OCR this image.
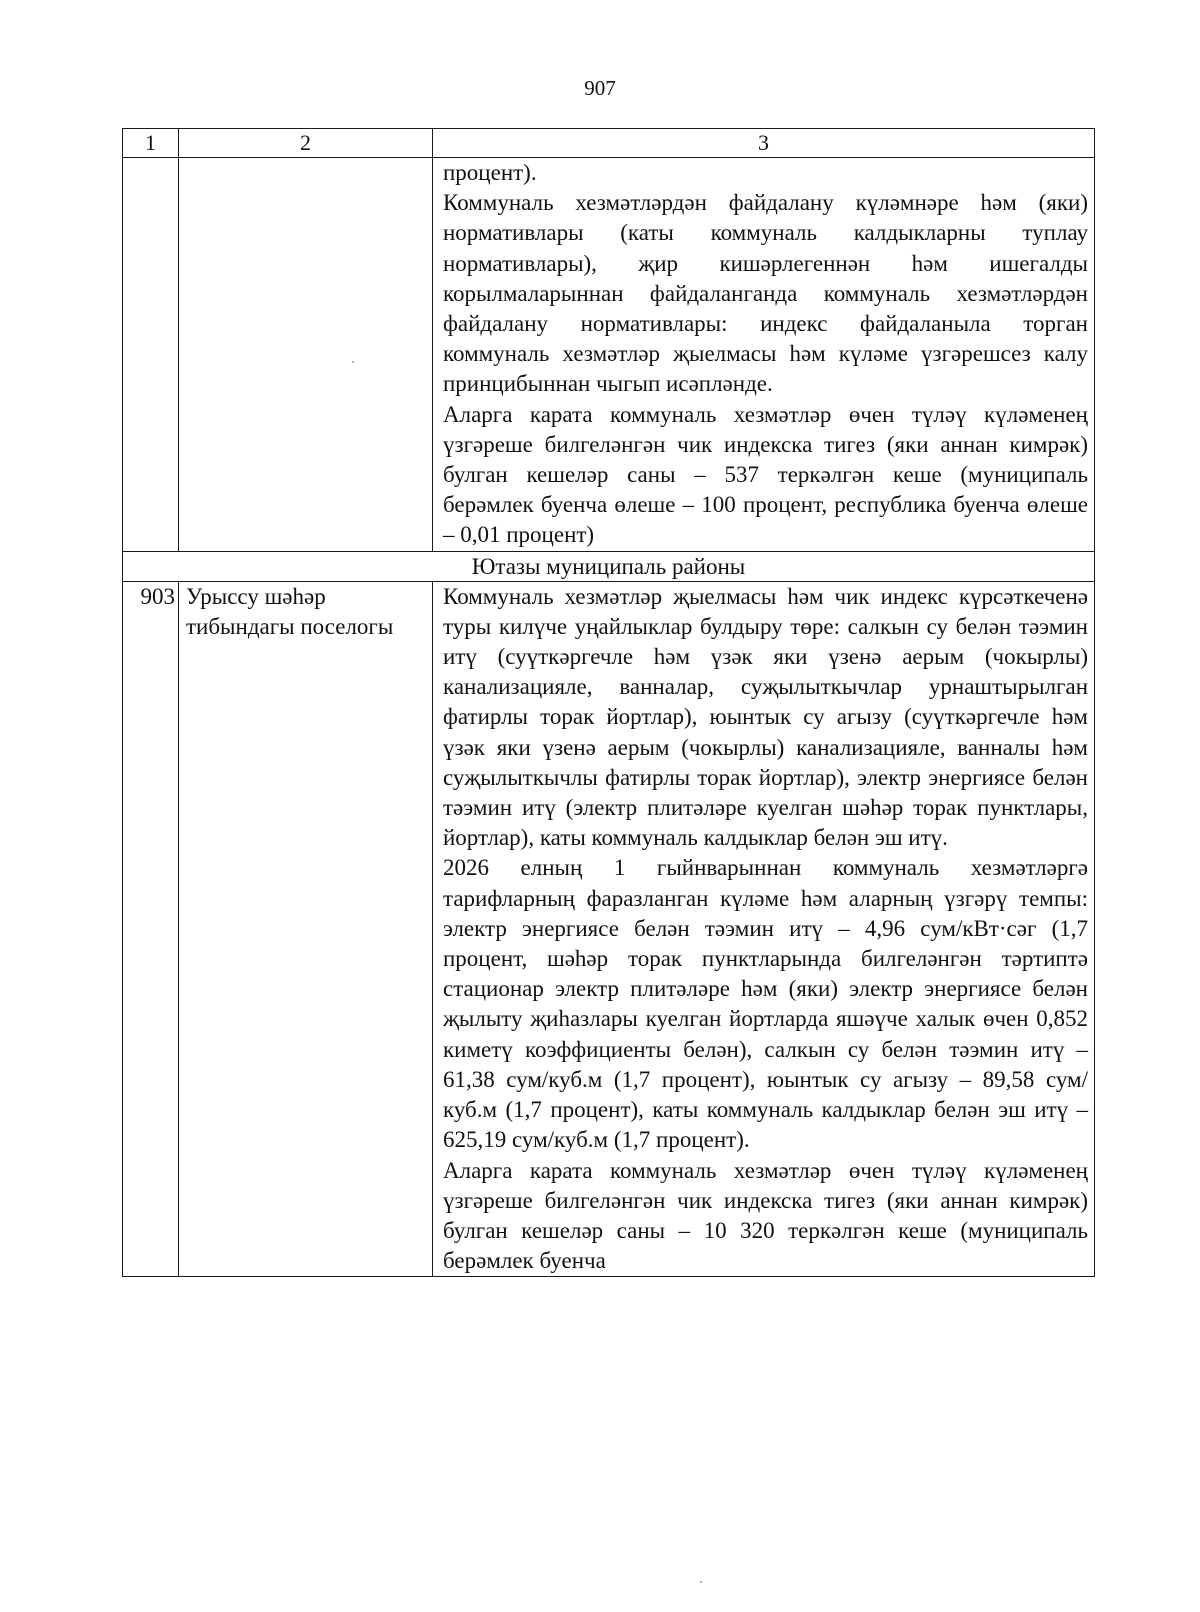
907
1	2	3

		процент).

Коммуналь хезмәтләрдән файдалану күләмнәре һәм (яки) нормативлары (каты коммуналь калдыкларны туплау нормативлары), җир кишәрлегеннән һәм ишегалды корылмаларыннан файдаланганда коммуналь хезмәтләрдән файдалану нормативлары: индекс файдаланыла торган коммуналь хезмәтләр җыелмасы һәм күләме үзгәрешсез калу принцибыннан чыгып исәпләнде.

Аларга карата коммуналь хезмәтләр өчен түләү күләменең үзгәреше билгеләнгән чик индекска тигез (яки аннан кимрәк) булган кешеләр саны – 537 теркәлгән кеше (муниципаль берәмлек буенча өлеше – 100 процент, республика буенча өлеше – 0,01 процент)

Ютазы муниципаль районы		
903	Урыссу шәһәр тибындагы поселогы	Коммуналь хезмәтләр җыелмасы һәм чик индекс күрсәткеченә туры килүче уңайлыклар булдыру төре: салкын су белән тәэмин итү (суүткәргечле һәм үзәк яки үзенә аерым (чокырлы) канализацияле, ванналар, суҗылыткычлар урнаштырылган фатирлы торак йортлар), юынтык су агызу (суүткәргечле һәм үзәк яки үзенә аерым (чокырлы) канализацияле, ванналы һәм суҗылыткычлы фатирлы торак йортлар), электр энергиясе белән тәэмин итү (электр плитәләре куелган шәһәр торак пунктлары, йортлар), каты коммуналь калдыклар белән эш итү.

2026 елның 1 гыйнварыннан коммуналь хезмәтләргә тарифларның фаразланган күләме һәм аларның үзгәрү темпы: электр энергиясе белән тәэмин итү – 4,96 сум/кВт·сәг (1,7 процент, шәһәр торак пунктларында билгеләнгән тәртиптә стационар электр плитәләре һәм (яки) электр энергиясе белән җылыту җиһазлары куелган йортларда яшәүче халык өчен 0,852 киметү коэффициенты белән), салкын су белән тәэмин итү – 61,38 сум/куб.м (1,7 процент), юынтык су агызу – 89,58 сум/куб.м (1,7 процент), каты коммуналь калдыклар белән эш итү – 625,19 сум/куб.м (1,7 процент).

Аларга карата коммуналь хезмәтләр өчен түләү күләменең үзгәреше билгеләнгән чик индекска тигез (яки аннан кимрәк) булган кешеләр саны – 10 320 теркәлгән кеше (муниципаль берәмлек буенча
